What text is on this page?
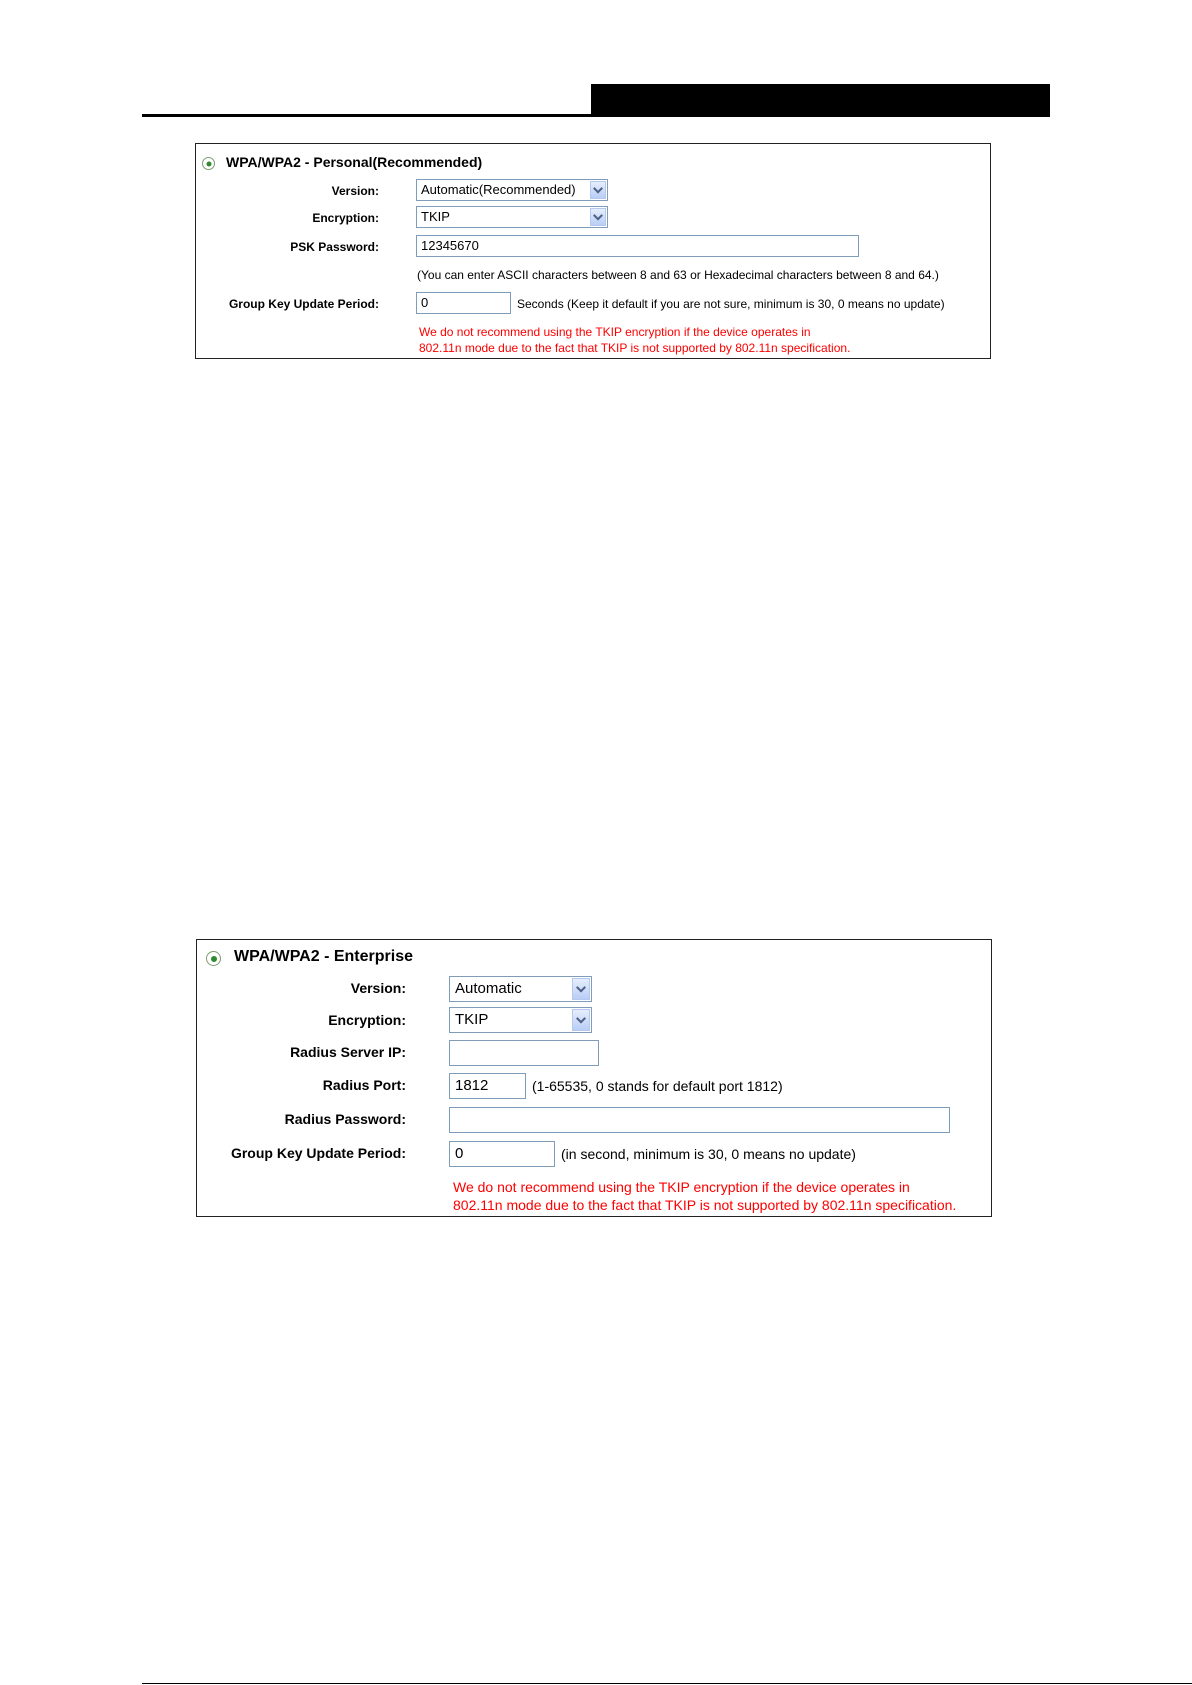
WPA/WPA2 - Personal(Recommended)
Version:	Automatic(Recommended)
Encryption:	TKIP
PSK Password:	12345670
(You can enter ASCII characters between 8 and 63 or Hexadecimal characters between 8 and 64.)
Group Key Update Period:	0	Seconds (Keep it default if you are not sure, minimum is 30, 0 means no update)
We do not recommend using the TKIP encryption if the device operates in
802.11n mode due to the fact that TKIP is not supported by 802.11n specification.
WPA/WPA2 - Enterprise
Version:	Automatic
Encryption:	TKIP
Radius Server IP:
Radius Port:	1812	(1-65535, 0 stands for default port 1812)
Radius Password:
Group Key Update Period:	0	(in second, minimum is 30, 0 means no update)
We do not recommend using the TKIP encryption if the device operates in
802.11n mode due to the fact that TKIP is not supported by 802.11n specification.
